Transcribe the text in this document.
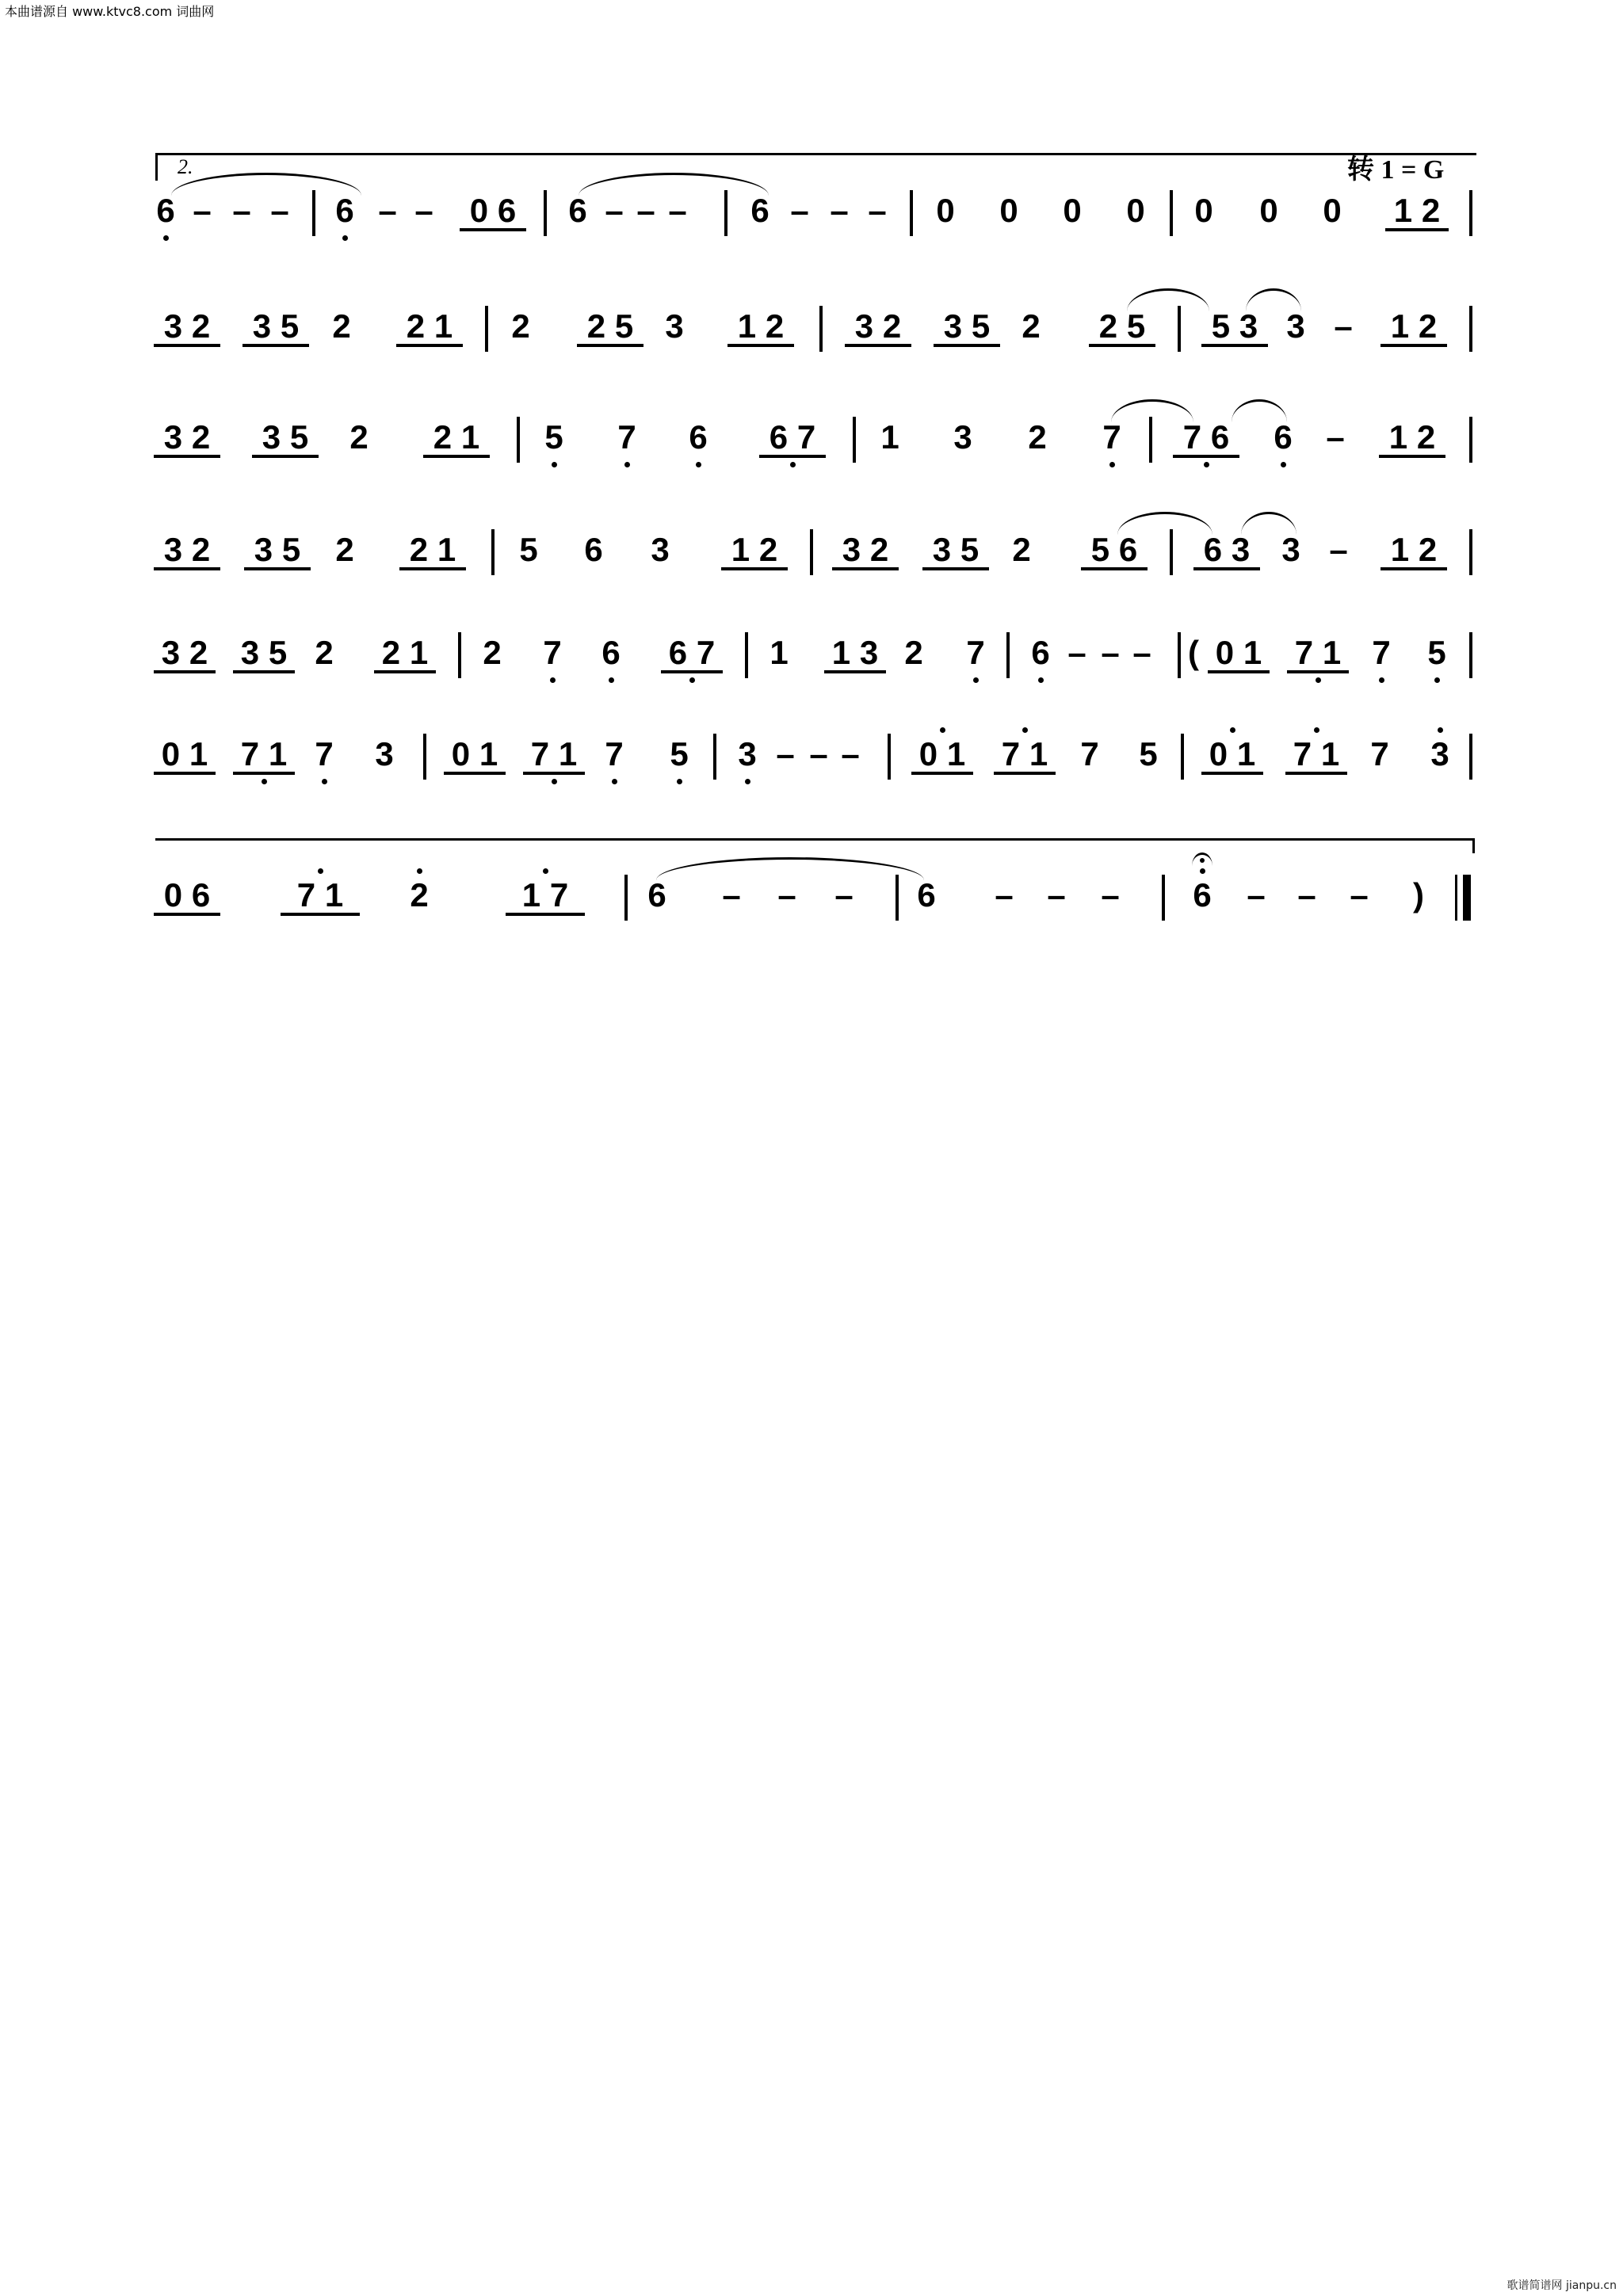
本曲谱源自 www.ktvc8.com 词曲网
2.	转 1 = G
6 – – – 6 – – 0 6 6 – – – 6 – – – 0 0 0 0 0 0 0 1 2
3 2 3 5 2 2 1 2 2 5 3 1 2 3 2 3 5 2 2 5 5 3 3 – 1 2
3 2 3 5 2 2 1 5 7 6 6 7 1 3 2 7 7 6 6 – 1 2
3 2 3 5 2 2 1 5 6 3 1 2 3 2 3 5 2 5 6 6 3 3 – 1 2
3 2 3 5 2 2 1 2 7 6 6 7 1 1 3 2 7 6 – – – ( 0 1 7 1 7 5
0 1 7 1 7 3 0 1 7 1 7 5 3 – – – 0 1 7 1 7 5 0 1 7 1 7 3
0 6	7 1	2	1 7	6 – – – 6 – – – 6 – – – )
歌谱简谱网 jianpu.cn
